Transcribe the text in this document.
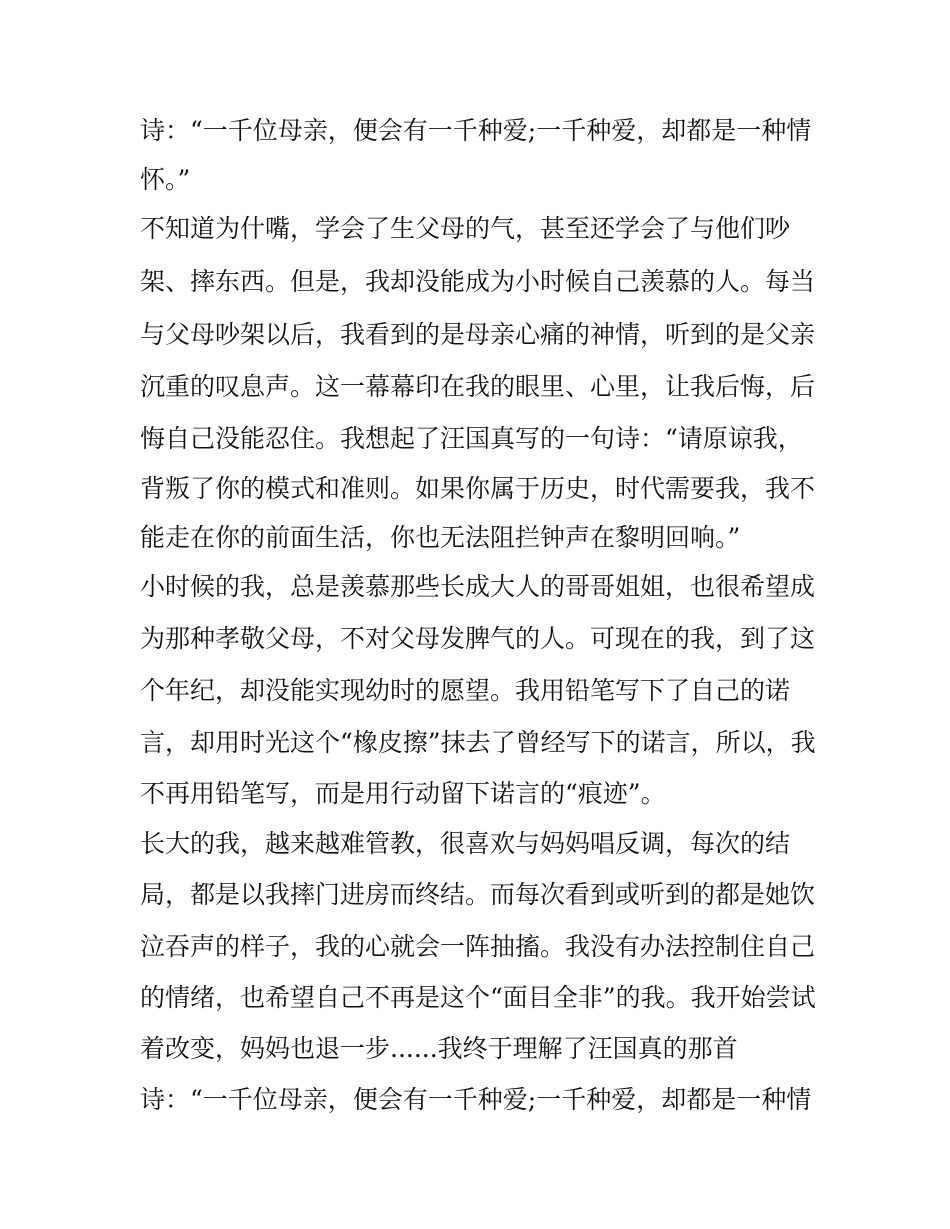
诗：“一千位母亲，便会有一千种爱;一千种爱，却都是一种情

怀。”

不知道为什嘴，学会了生父母的气，甚至还学会了与他们吵

架、摔东西。但是，我却没能成为小时候自己羡慕的人。每当

与父母吵架以后，我看到的是母亲心痛的神情，听到的是父亲

沉重的叹息声。这一幕幕印在我的眼里、心里，让我后悔，后

悔自己没能忍住。我想起了汪国真写的一句诗：“请原谅我，

背叛了你的模式和准则。如果你属于历史，时代需要我，我不

能走在你的前面生活，你也无法阻拦钟声在黎明回响。”

小时候的我，总是羡慕那些长成大人的哥哥姐姐，也很希望成

为那种孝敬父母，不对父母发脾气的人。可现在的我，到了这

个年纪，却没能实现幼时的愿望。我用铅笔写下了自己的诺

言，却用时光这个“橡皮擦”抹去了曾经写下的诺言，所以，我

不再用铅笔写，而是用行动留下诺言的“痕迹”。

长大的我，越来越难管教，很喜欢与妈妈唱反调，每次的结

局，都是以我摔门进房而终结。而每次看到或听到的都是她饮

泣吞声的样子，我的心就会一阵抽搐。我没有办法控制住自己

的情绪，也希望自己不再是这个“面目全非”的我。我开始尝试

着改变，妈妈也退一步......我终于理解了汪国真的那首

诗：“一千位母亲，便会有一千种爱;一千种爱，却都是一种情
